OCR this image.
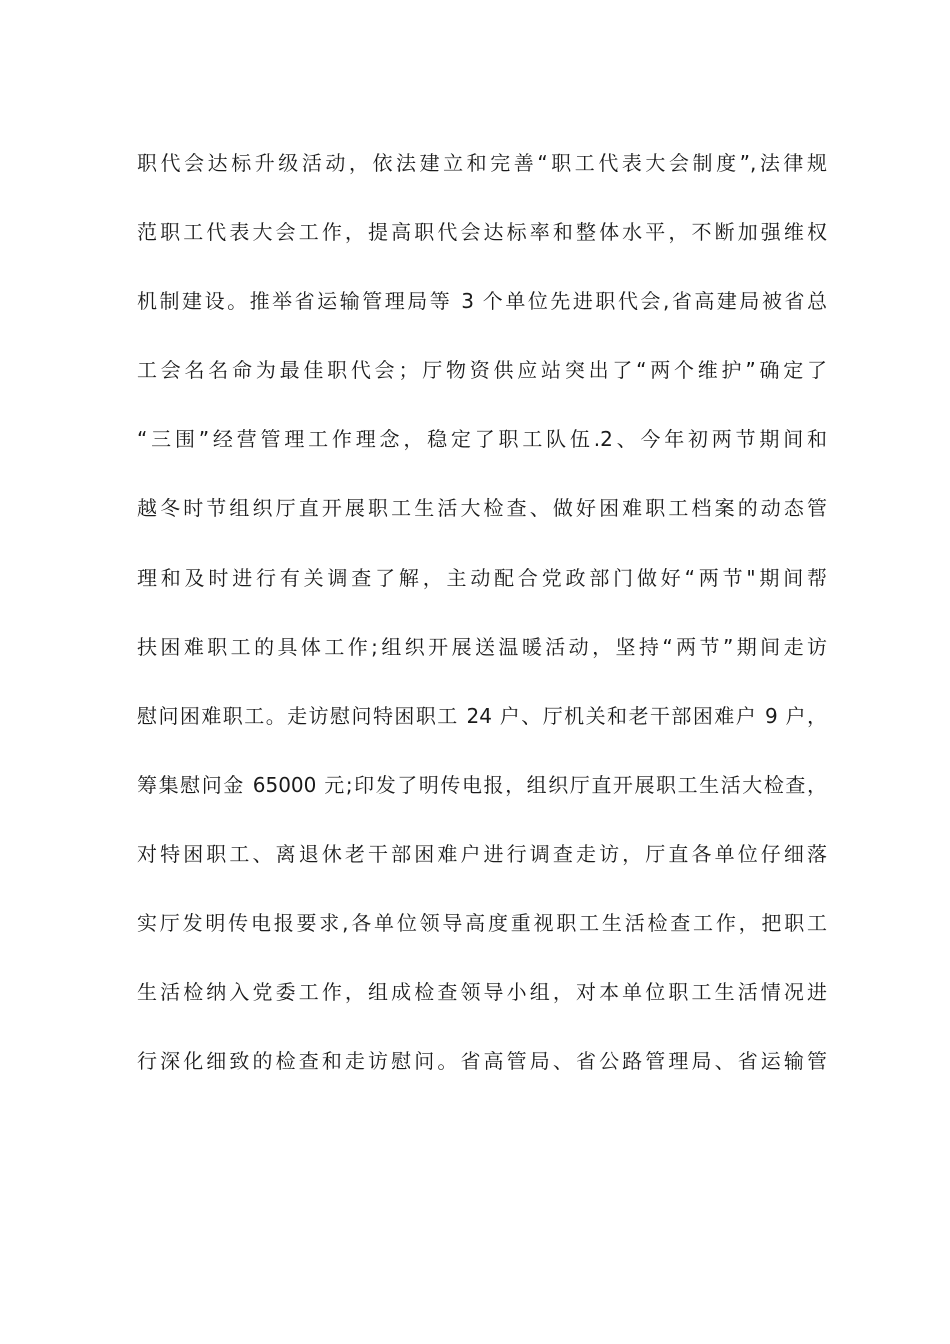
职代会达标升级活动，依法建立和完善“职工代表大会制度”,法律规
范职工代表大会工作，提高职代会达标率和整体水平，不断加强维权
机制建设。推举省运输管理局等 3 个单位先进职代会,省高建局被省总
工会名名命为最佳职代会；厅物资供应站突出了“两个维护”确定了
“三围”经营管理工作理念，稳定了职工队伍.2、今年初两节期间和
越冬时节组织厅直开展职工生活大检查、做好困难职工档案的动态管
理和及时进行有关调查了解，主动配合党政部门做好“两节"期间帮
扶困难职工的具体工作;组织开展送温暖活动，坚持“两节”期间走访
慰问困难职工。走访慰问特困职工 24 户、厅机关和老干部困难户 9 户，
筹集慰问金 65000 元;印发了明传电报，组织厅直开展职工生活大检查，
对特困职工、离退休老干部困难户进行调查走访，厅直各单位仔细落
实厅发明传电报要求,各单位领导高度重视职工生活检查工作，把职工
生活检纳入党委工作，组成检查领导小组，对本单位职工生活情况进
行深化细致的检查和走访慰问。省高管局、省公路管理局、省运输管
